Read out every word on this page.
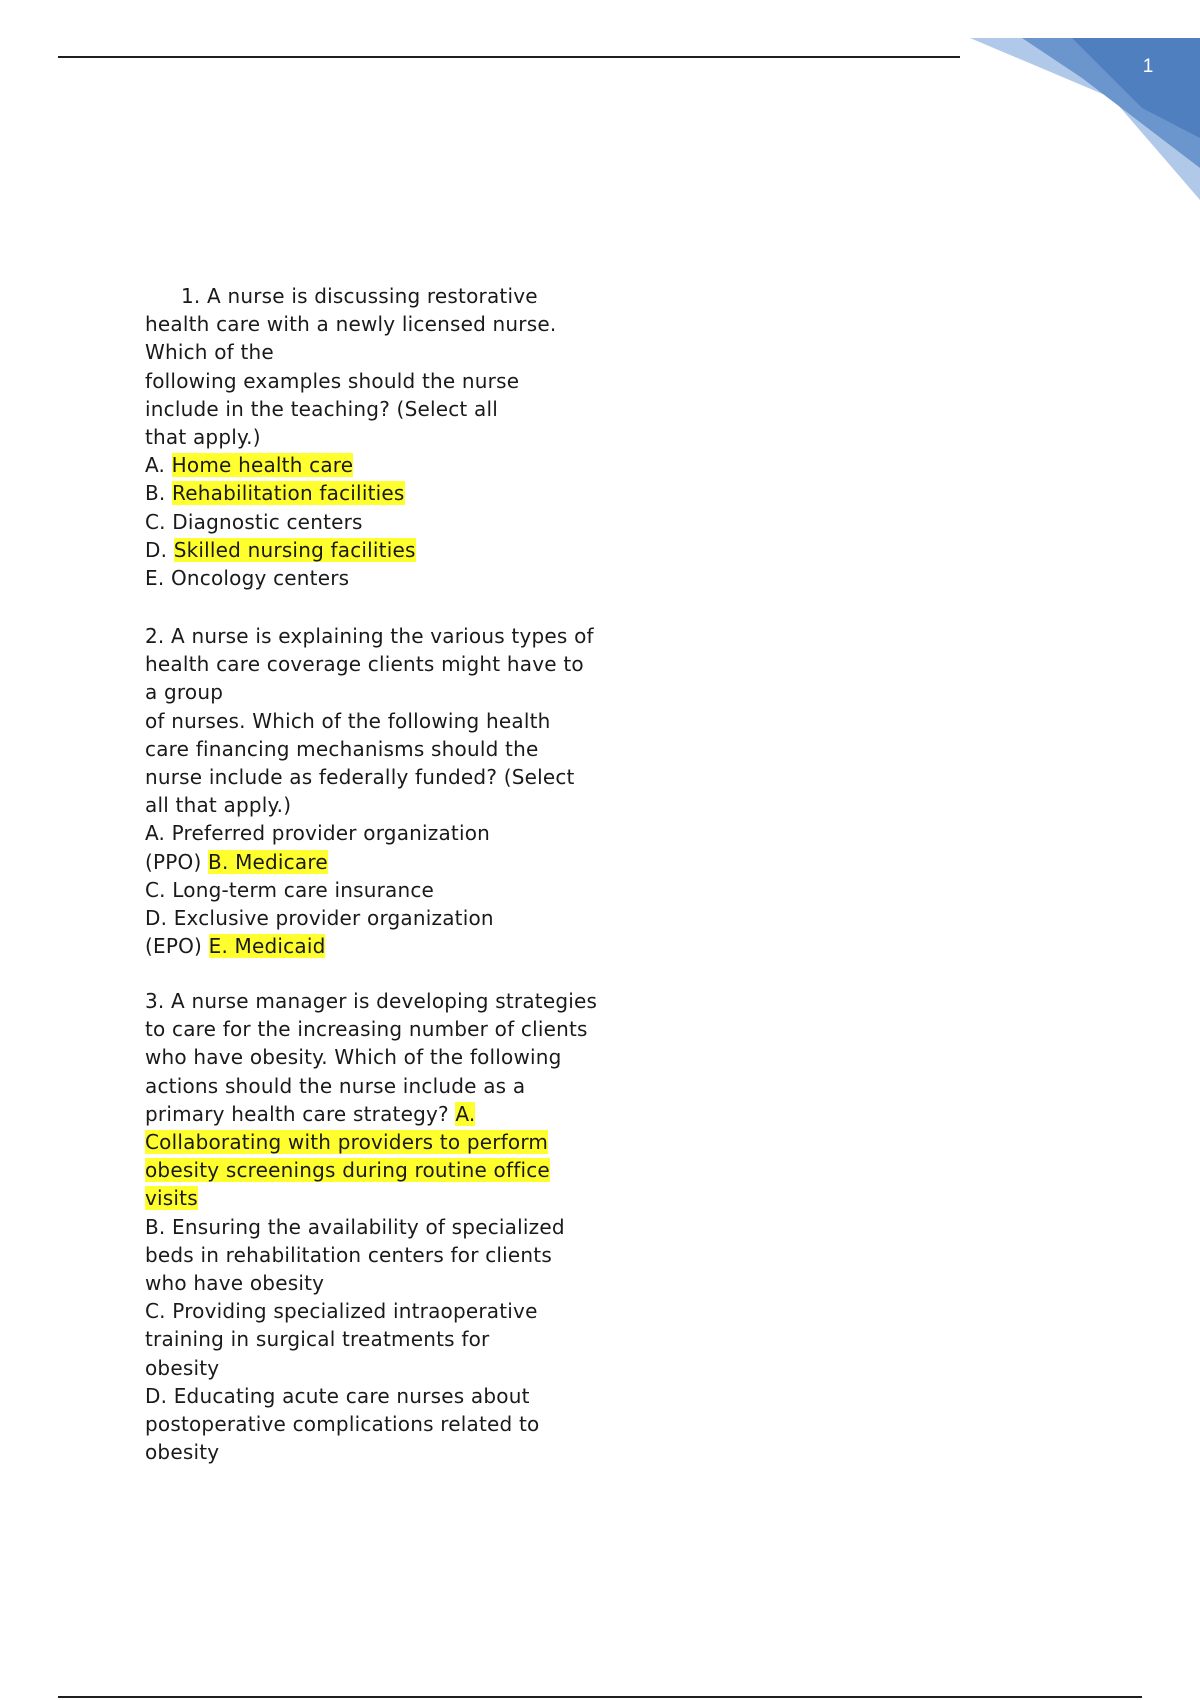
1
1. A nurse is discussing restorative
health care with a newly licensed nurse.
Which of the
following examples should the nurse
include in the teaching? (Select all
that apply.)
A. Home health care
B. Rehabilitation facilities
C. Diagnostic centers
D. Skilled nursing facilities
E. Oncology centers
2. A nurse is explaining the various types of
health care coverage clients might have to
a group
of nurses. Which of the following health
care financing mechanisms should the
nurse include as federally funded? (Select
all that apply.)
A. Preferred provider organization
(PPO) B. Medicare
C. Long-term care insurance
D. Exclusive provider organization
(EPO) E. Medicaid
3. A nurse manager is developing strategies
to care for the increasing number of clients
who have obesity. Which of the following
actions should the nurse include as a
primary health care strategy? A.
Collaborating with providers to perform
obesity screenings during routine office
visits
B. Ensuring the availability of specialized
beds in rehabilitation centers for clients
who have obesity
C. Providing specialized intraoperative
training in surgical treatments for
obesity
D. Educating acute care nurses about
postoperative complications related to
obesity
